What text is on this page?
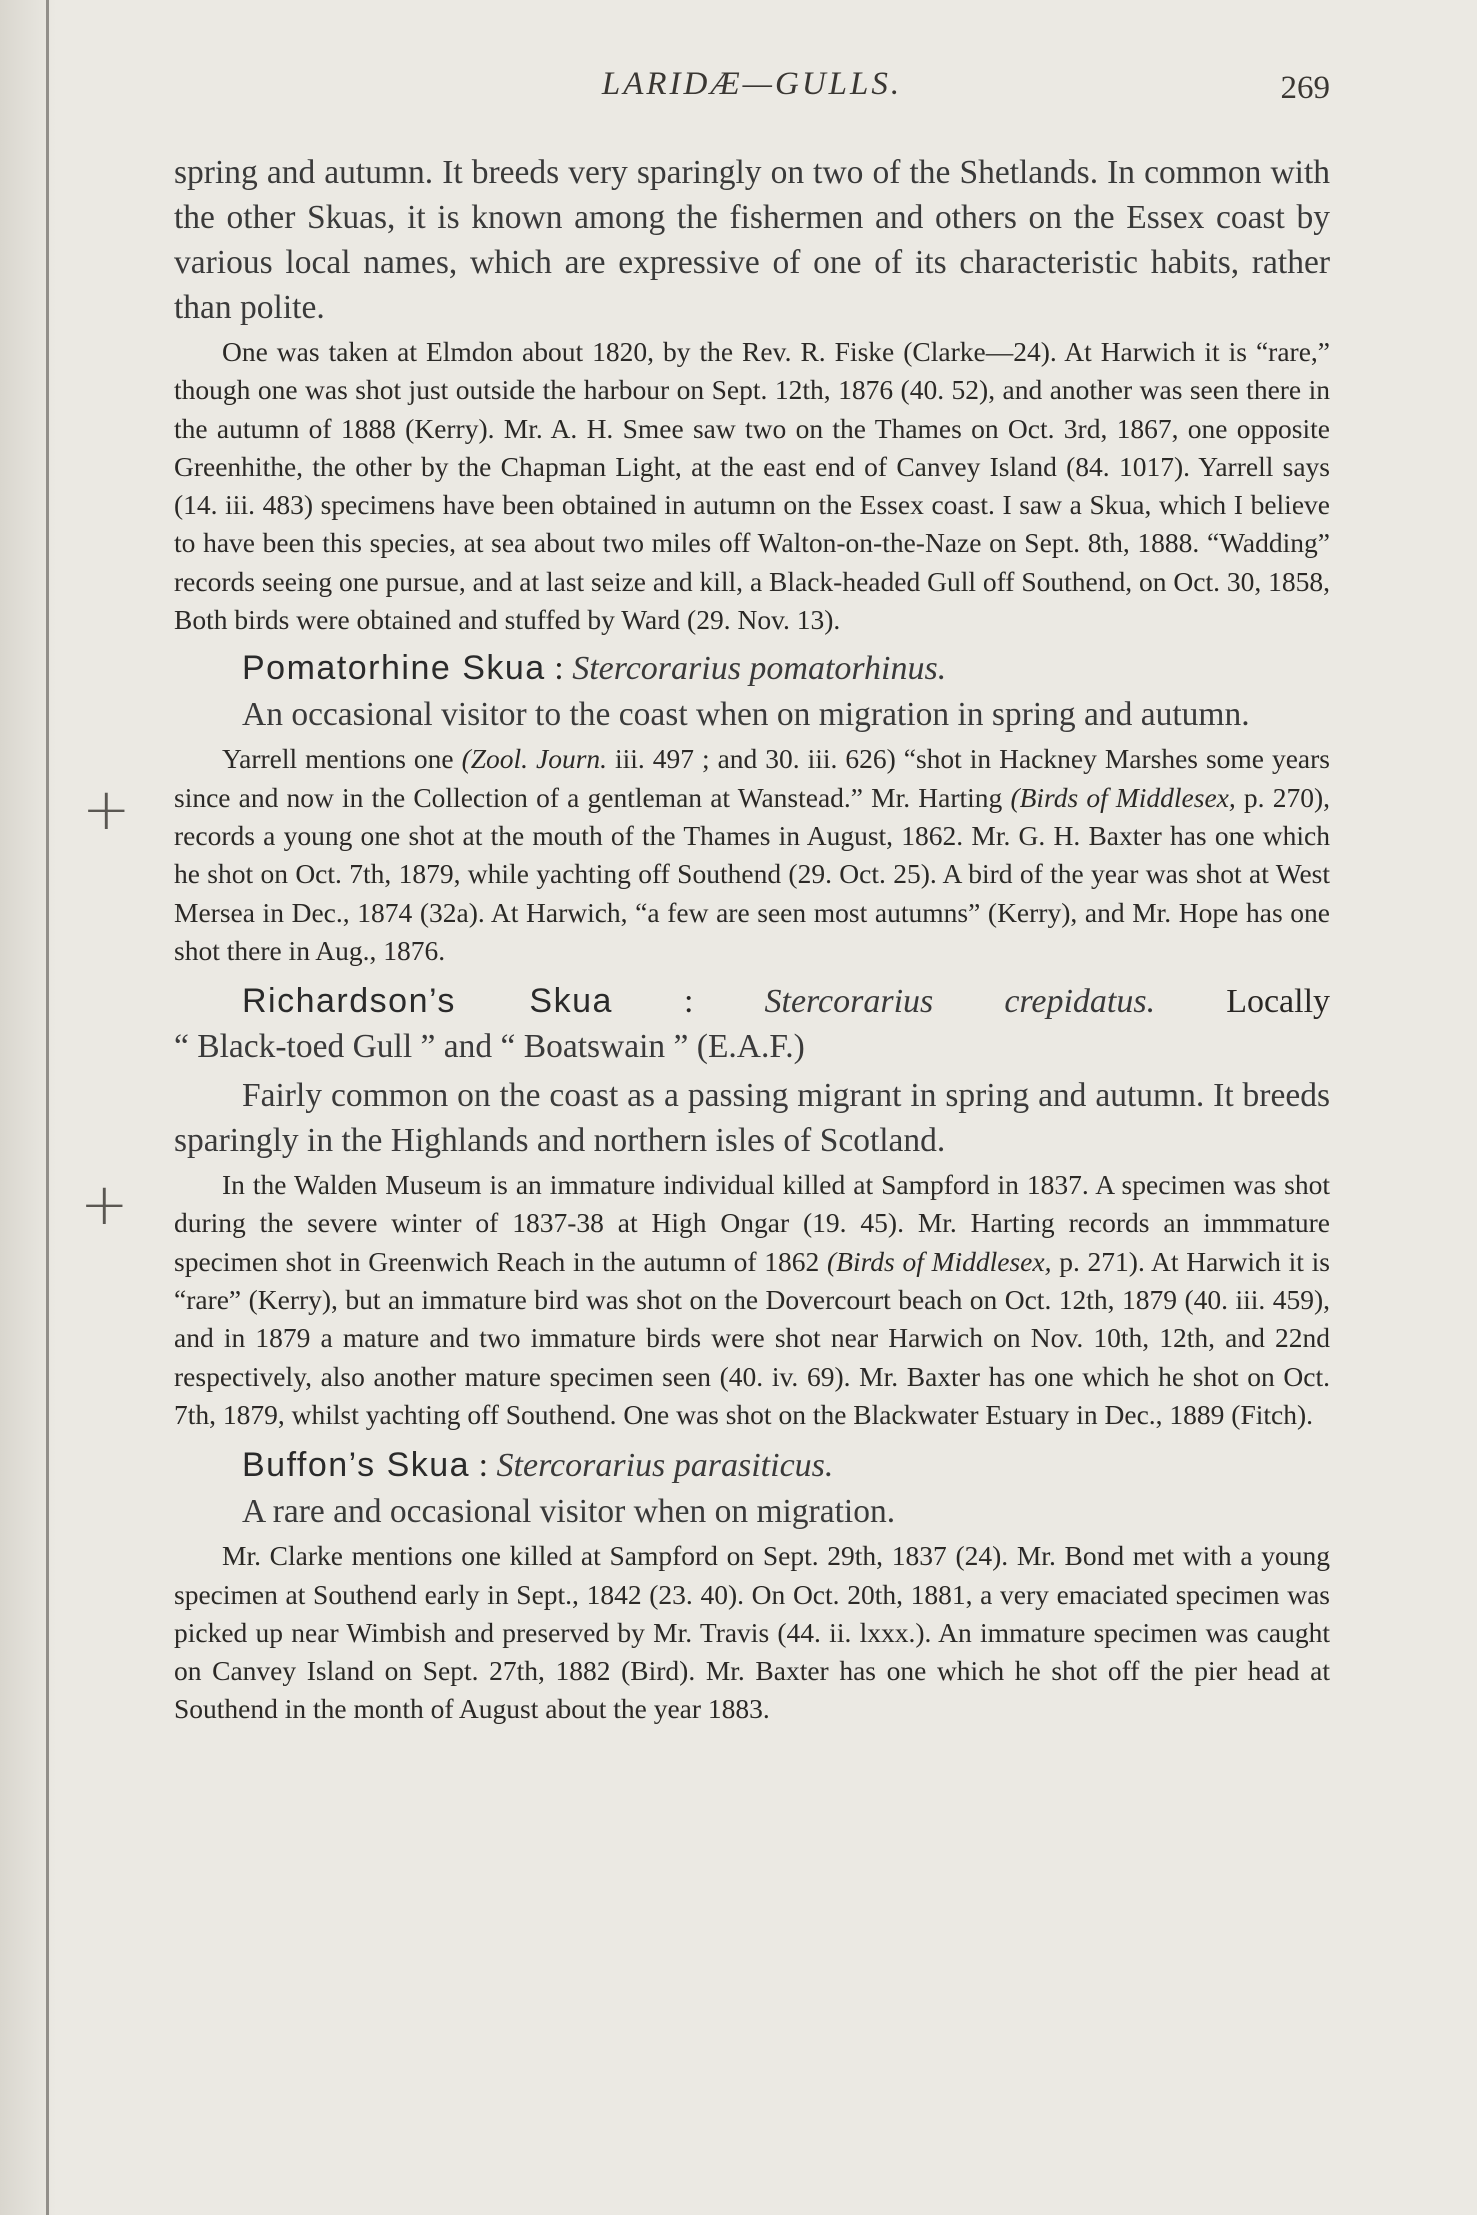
+
+
LARIDÆ—GULLS.	269

spring and autumn. It breeds very sparingly on two of the Shetlands. In common with the other Skuas, it is known among the fishermen and others on the Essex coast by various local names, which are expressive of one of its characteristic habits, rather than polite.

One was taken at Elmdon about 1820, by the Rev. R. Fiske (Clarke—24). At Harwich it is “rare,” though one was shot just outside the harbour on Sept. 12th, 1876 (40. 52), and another was seen there in the autumn of 1888 (Kerry). Mr. A. H. Smee saw two on the Thames on Oct. 3rd, 1867, one opposite Greenhithe, the other by the Chapman Light, at the east end of Canvey Island (84. 1017). Yarrell says (14. iii. 483) specimens have been obtained in autumn on the Essex coast. I saw a Skua, which I believe to have been this species, at sea about two miles off Walton-on-the-Naze on Sept. 8th, 1888. “Wadding” records seeing one pursue, and at last seize and kill, a Black-headed Gull off Southend, on Oct. 30, 1858, Both birds were obtained and stuffed by Ward (29. Nov. 13).

Pomatorhine Skua : Stercorarius pomatorhinus.

An occasional visitor to the coast when on migration in spring and autumn.

Yarrell mentions one (Zool. Journ. iii. 497 ; and 30. iii. 626) “shot in Hackney Marshes some years since and now in the Collection of a gentleman at Wanstead.” Mr. Harting (Birds of Middlesex, p. 270), records a young one shot at the mouth of the Thames in August, 1862. Mr. G. H. Baxter has one which he shot on Oct. 7th, 1879, while yachting off Southend (29. Oct. 25). A bird of the year was shot at West Mersea in Dec., 1874 (32a). At Harwich, “a few are seen most autumns” (Kerry), and Mr. Hope has one shot there in Aug., 1876.

Richardson’s Skua : Stercorarius crepidatus. Locally

“ Black-toed Gull ” and “ Boatswain ” (E.A.F.)

Fairly common on the coast as a passing migrant in spring and autumn. It breeds sparingly in the Highlands and northern isles of Scotland.

In the Walden Museum is an immature individual killed at Sampford in 1837. A specimen was shot during the severe winter of 1837-38 at High Ongar (19. 45). Mr. Harting records an immmature specimen shot in Greenwich Reach in the autumn of 1862 (Birds of Middlesex, p. 271). At Harwich it is “rare” (Kerry), but an immature bird was shot on the Dovercourt beach on Oct. 12th, 1879 (40. iii. 459), and in 1879 a mature and two immature birds were shot near Harwich on Nov. 10th, 12th, and 22nd respectively, also another mature specimen seen (40. iv. 69). Mr. Baxter has one which he shot on Oct. 7th, 1879, whilst yachting off Southend. One was shot on the Blackwater Estuary in Dec., 1889 (Fitch).

Buffon’s Skua : Stercorarius parasiticus.

A rare and occasional visitor when on migration.

Mr. Clarke mentions one killed at Sampford on Sept. 29th, 1837 (24). Mr. Bond met with a young specimen at Southend early in Sept., 1842 (23. 40). On Oct. 20th, 1881, a very emaciated specimen was picked up near Wimbish and preserved by Mr. Travis (44. ii. lxxx.). An immature specimen was caught on Canvey Island on Sept. 27th, 1882 (Bird). Mr. Baxter has one which he shot off the pier head at Southend in the month of August about the year 1883.
